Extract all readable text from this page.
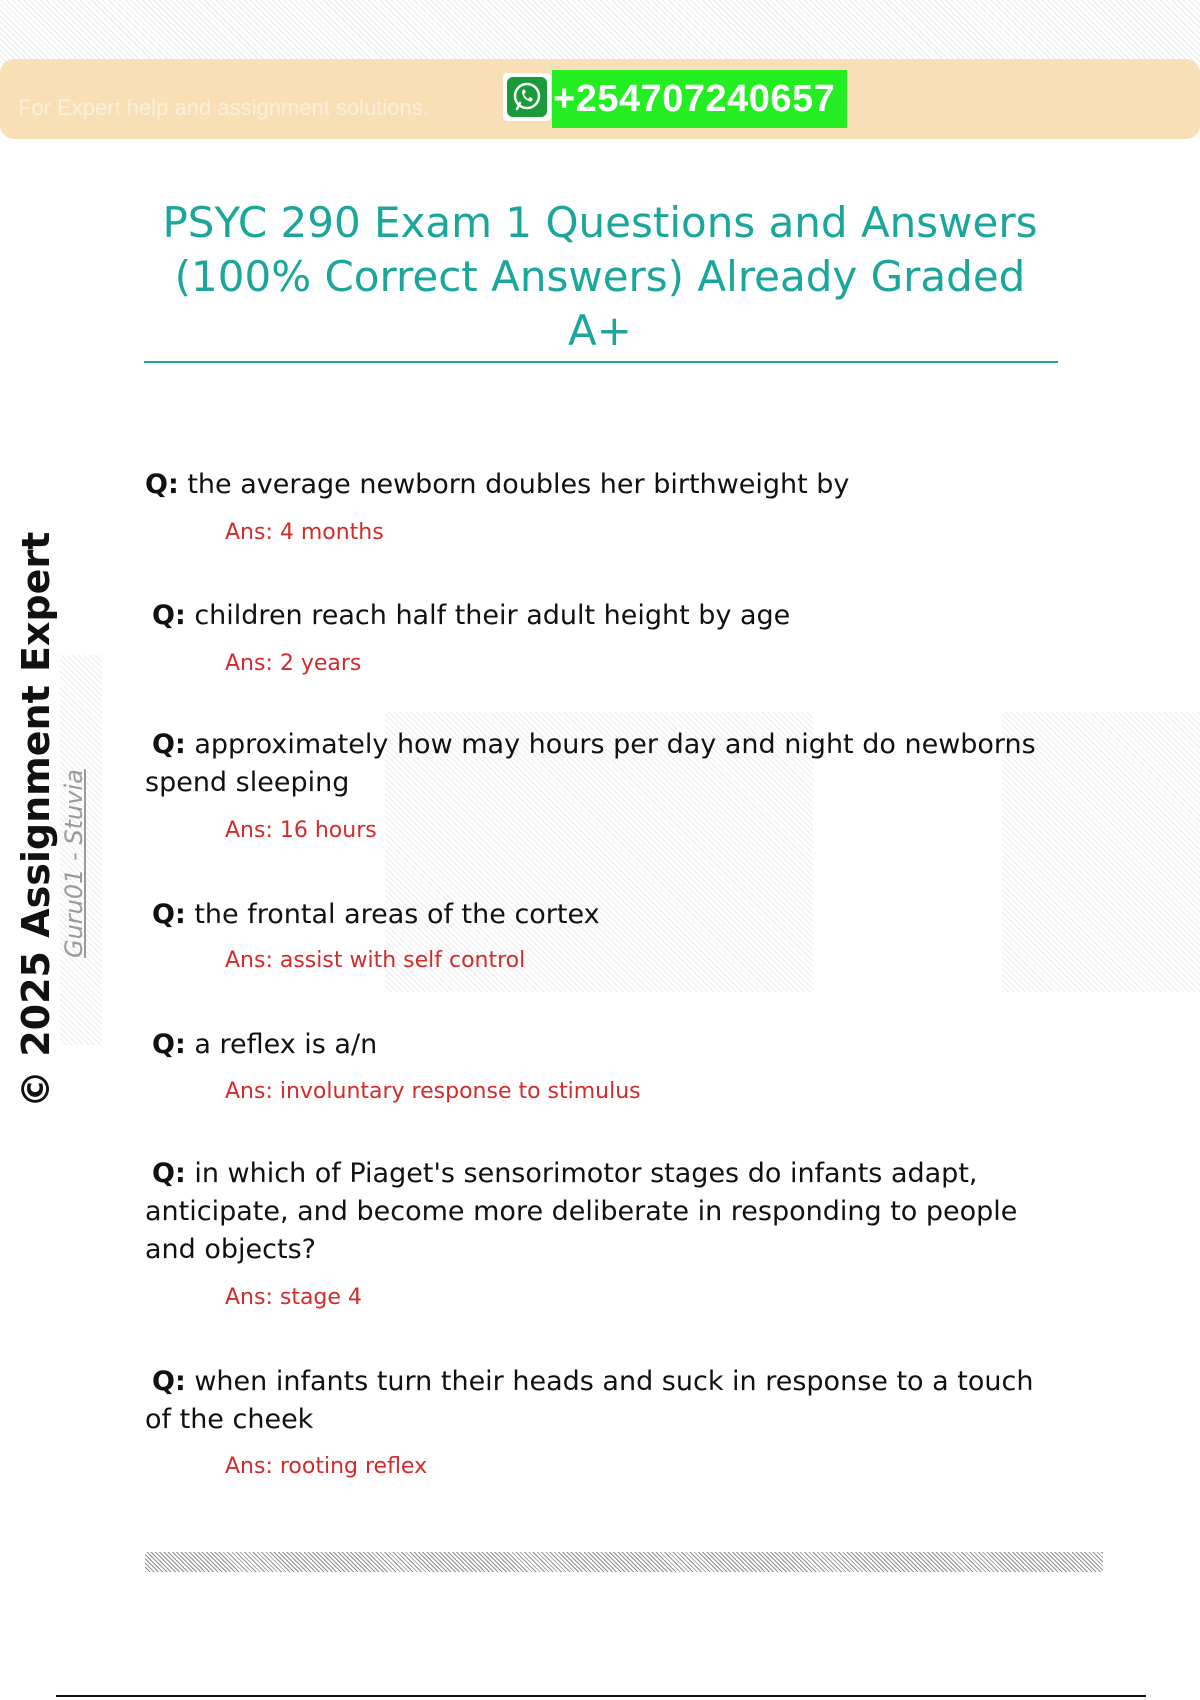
For Expert help and assignment solutions.	+254707240657
PSYC 290 Exam 1 Questions and Answers
(100% Correct Answers) Already Graded
A+
Q: the average newborn doubles her birthweight by
Ans: 4 months
Q: children reach half their adult height by age
Ans: 2 years
Q: approximately how may hours per day and night do newborns spend sleeping
Ans: 16 hours
Q: the frontal areas of the cortex
Ans: assist with self control
Q: a reflex is a/n
Ans: involuntary response to stimulus
Q: in which of Piaget's sensorimotor stages do infants adapt, anticipate, and become more deliberate in responding to people and objects?
Ans: stage 4
Q: when infants turn their heads and suck in response to a touch of the cheek
Ans: rooting reflex
© 2025 Assignment Expert Guru01 - Stuvia
